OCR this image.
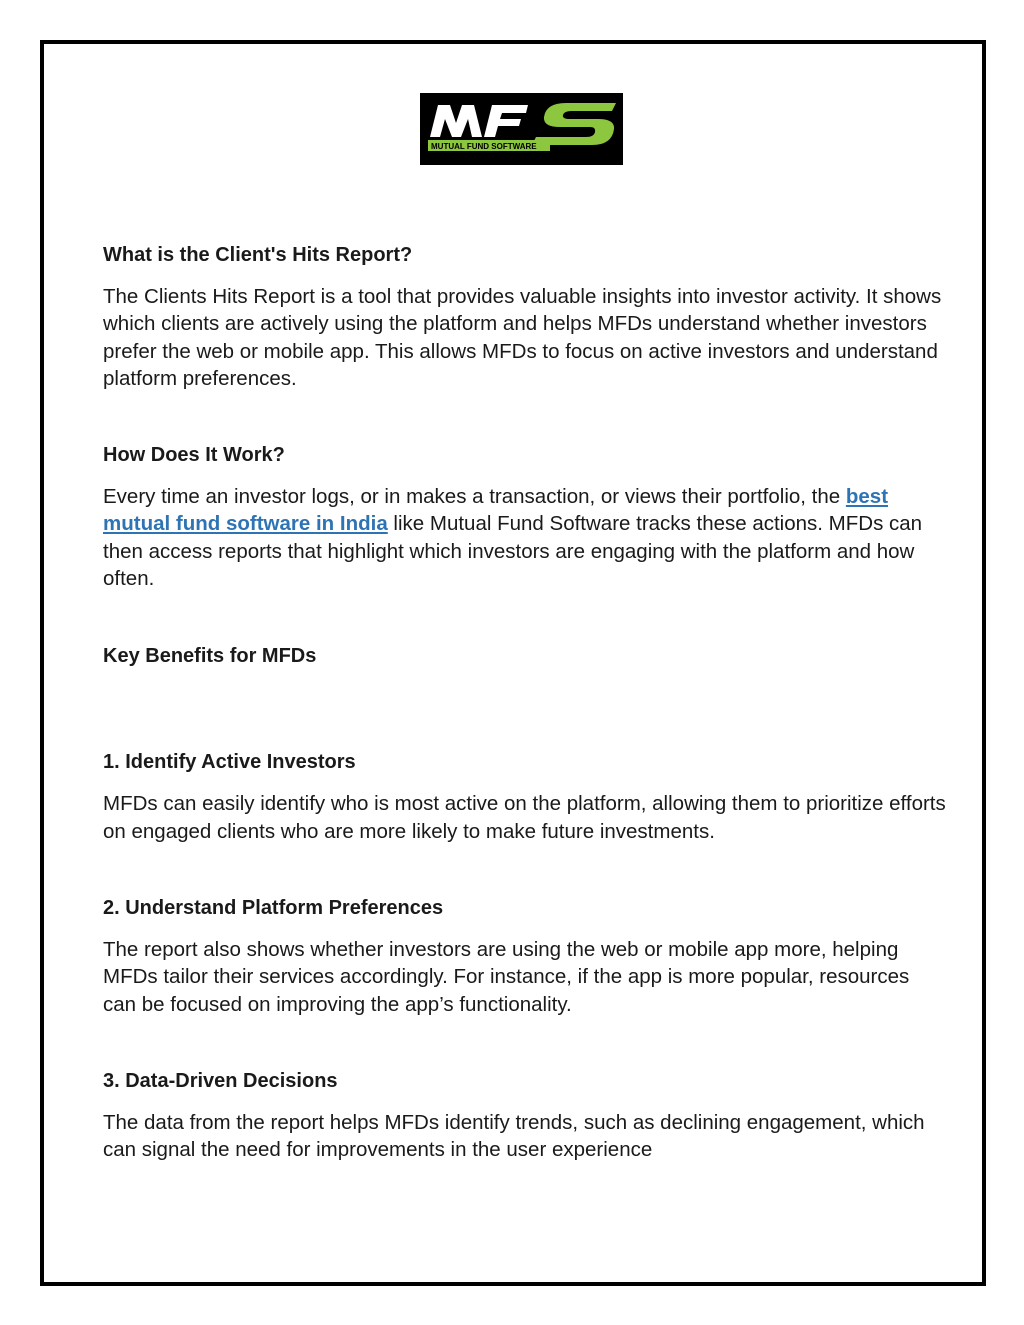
MUTUAL FUND SOFTWARE

What is the Client's Hits Report?

The Clients Hits Report is a tool that provides valuable insights into investor activity. It shows which clients are actively using the platform and helps MFDs understand whether investors prefer the web or mobile app. This allows MFDs to focus on active investors and understand platform preferences.

How Does It Work?

Every time an investor logs, or in makes a transaction, or views their portfolio, the best mutual fund software in India like Mutual Fund Software tracks these actions. MFDs can then access reports that highlight which investors are engaging with the platform and how often.

Key Benefits for MFDs

1. Identify Active Investors

MFDs can easily identify who is most active on the platform, allowing them to prioritize efforts on engaged clients who are more likely to make future investments.

2. Understand Platform Preferences

The report also shows whether investors are using the web or mobile app more, helping MFDs tailor their services accordingly. For instance, if the app is more popular, resources can be focused on improving the app’s functionality.

3. Data-Driven Decisions

The data from the report helps MFDs identify trends, such as declining engagement, which can signal the need for improvements in the user experience
